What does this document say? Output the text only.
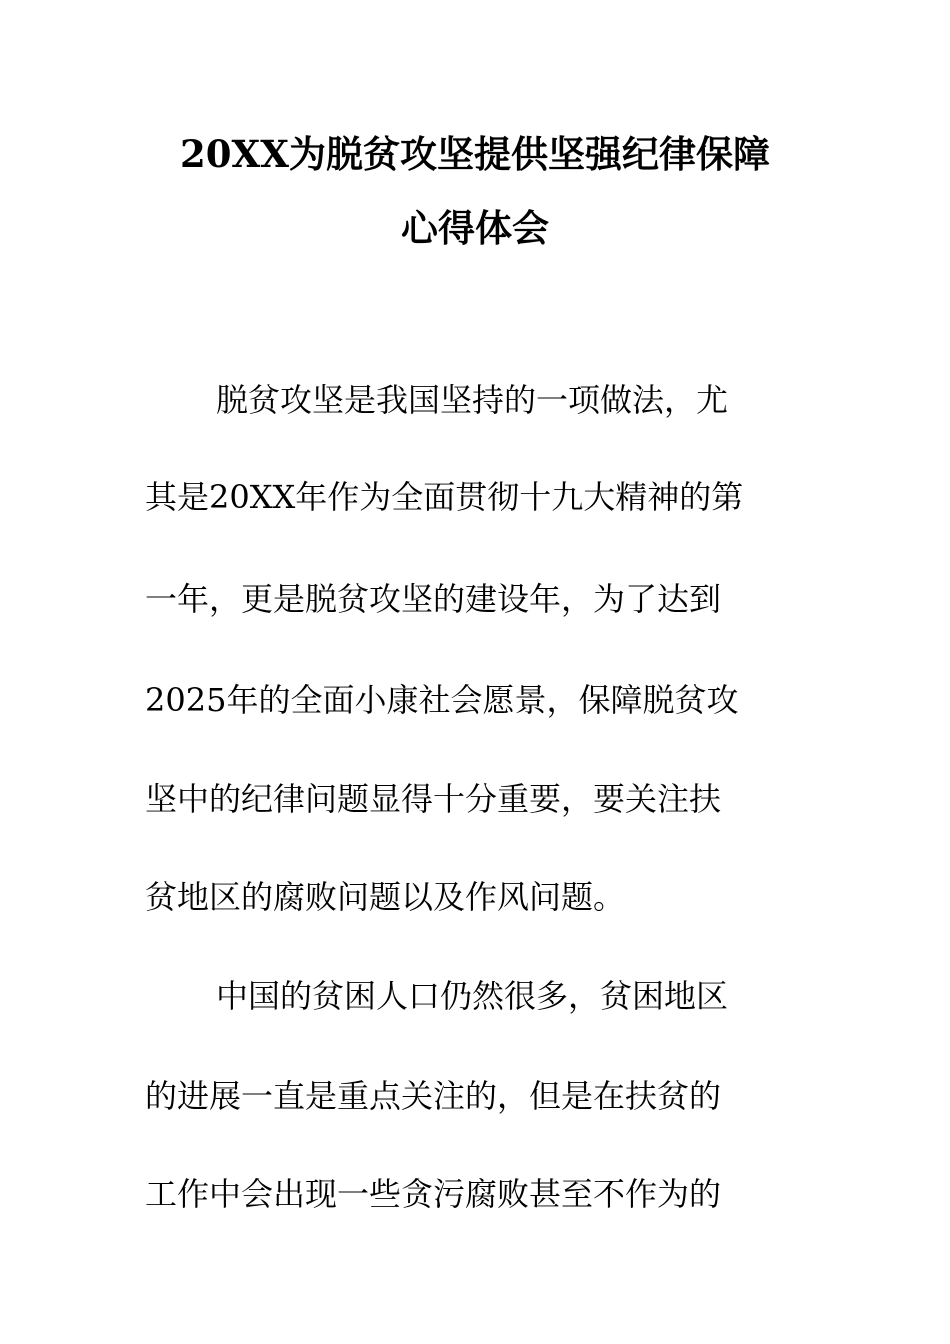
20XX为脱贫攻坚提供坚强纪律保障
心得体会
脱贫攻坚是我国坚持的一项做法，尤
其是20XX年作为全面贯彻十九大精神的第
一年，更是脱贫攻坚的建设年，为了达到
2025年的全面小康社会愿景，保障脱贫攻
坚中的纪律问题显得十分重要，要关注扶
贫地区的腐败问题以及作风问题。
中国的贫困人口仍然很多，贫困地区
的进展一直是重点关注的，但是在扶贫的
工作中会出现一些贪污腐败甚至不作为的
